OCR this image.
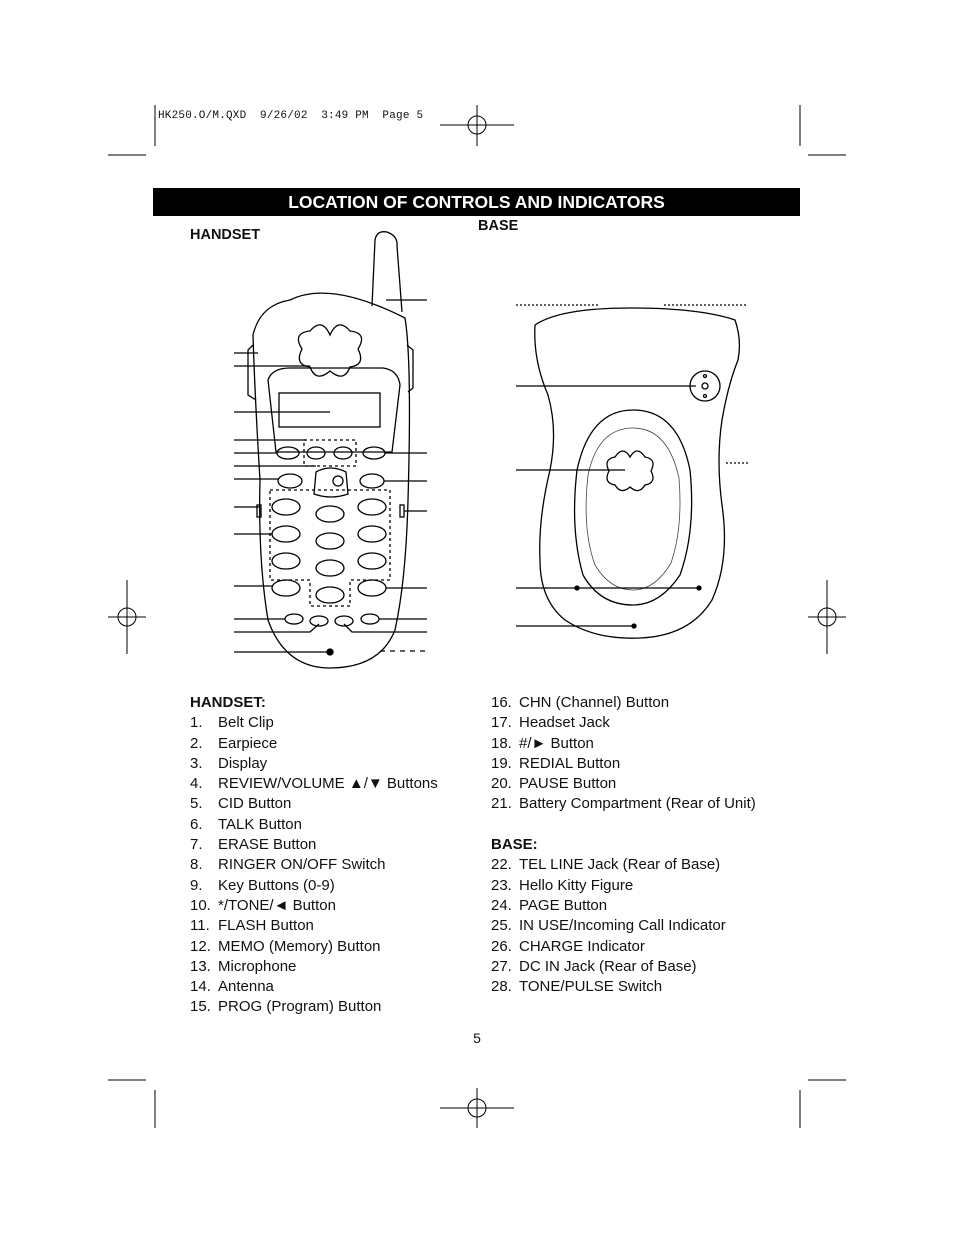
HK250.O/M.QXD  9/26/02  3:49 PM  Page 5
LOCATION OF CONTROLS AND INDICATORS
HANDSET
BASE
HANDSET:
1.	Belt Clip
2.	Earpiece
3.	Display
4.	REVIEW/VOLUME ▲/▼ Buttons
5.	CID Button
6.	TALK Button
7.	ERASE Button
8.	RINGER ON/OFF Switch
9.	Key Buttons (0-9)
10. */TONE/◄ Button
11. FLASH Button
12. MEMO (Memory) Button
13. Microphone
14. Antenna
15. PROG (Program) Button
16. CHN (Channel) Button
17. Headset Jack
18. #/► Button
19. REDIAL Button
20. PAUSE Button
21. Battery Compartment (Rear of Unit)
BASE:
22. TEL LINE Jack (Rear of Base)
23. Hello Kitty Figure
24. PAGE Button
25. IN USE/Incoming Call Indicator
26. CHARGE Indicator
27. DC IN Jack (Rear of Base)
28. TONE/PULSE Switch
5
